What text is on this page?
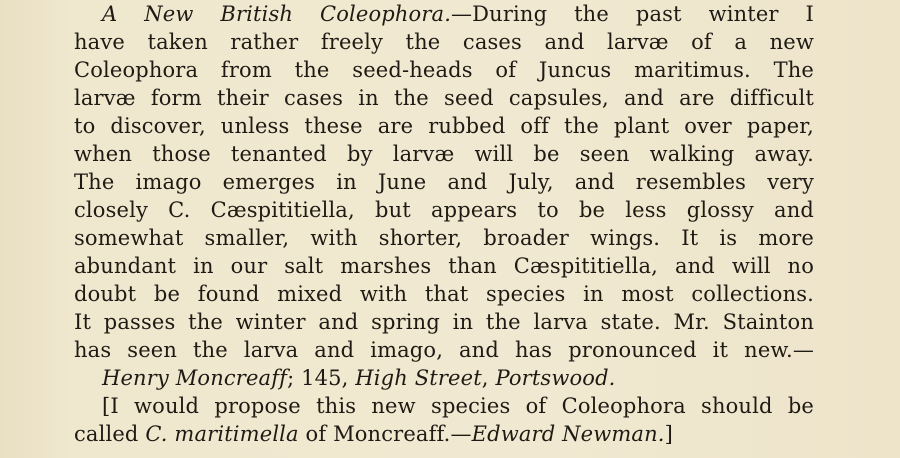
A New British Coleophora.—During the past winter I
have taken rather freely the cases and larvæ of a new
Coleophora from the seed-heads of Juncus maritimus. The
larvæ form their cases in the seed capsules, and are difficult
to discover, unless these are rubbed off the plant over paper,
when those tenanted by larvæ will be seen walking away.
The imago emerges in June and July, and resembles very
closely C. Cæspititiella, but appears to be less glossy and
somewhat smaller, with shorter, broader wings. It is more
abundant in our salt marshes than Cæspititiella, and will no
doubt be found mixed with that species in most collections.
It passes the winter and spring in the larva state. Mr. Stainton
has seen the larva and imago, and has pronounced it new.—
Henry Moncreaff; 145, High Street, Portswood.
[I would propose this new species of Coleophora should be
called C. maritimella of Moncreaff.—Edward Newman.]
